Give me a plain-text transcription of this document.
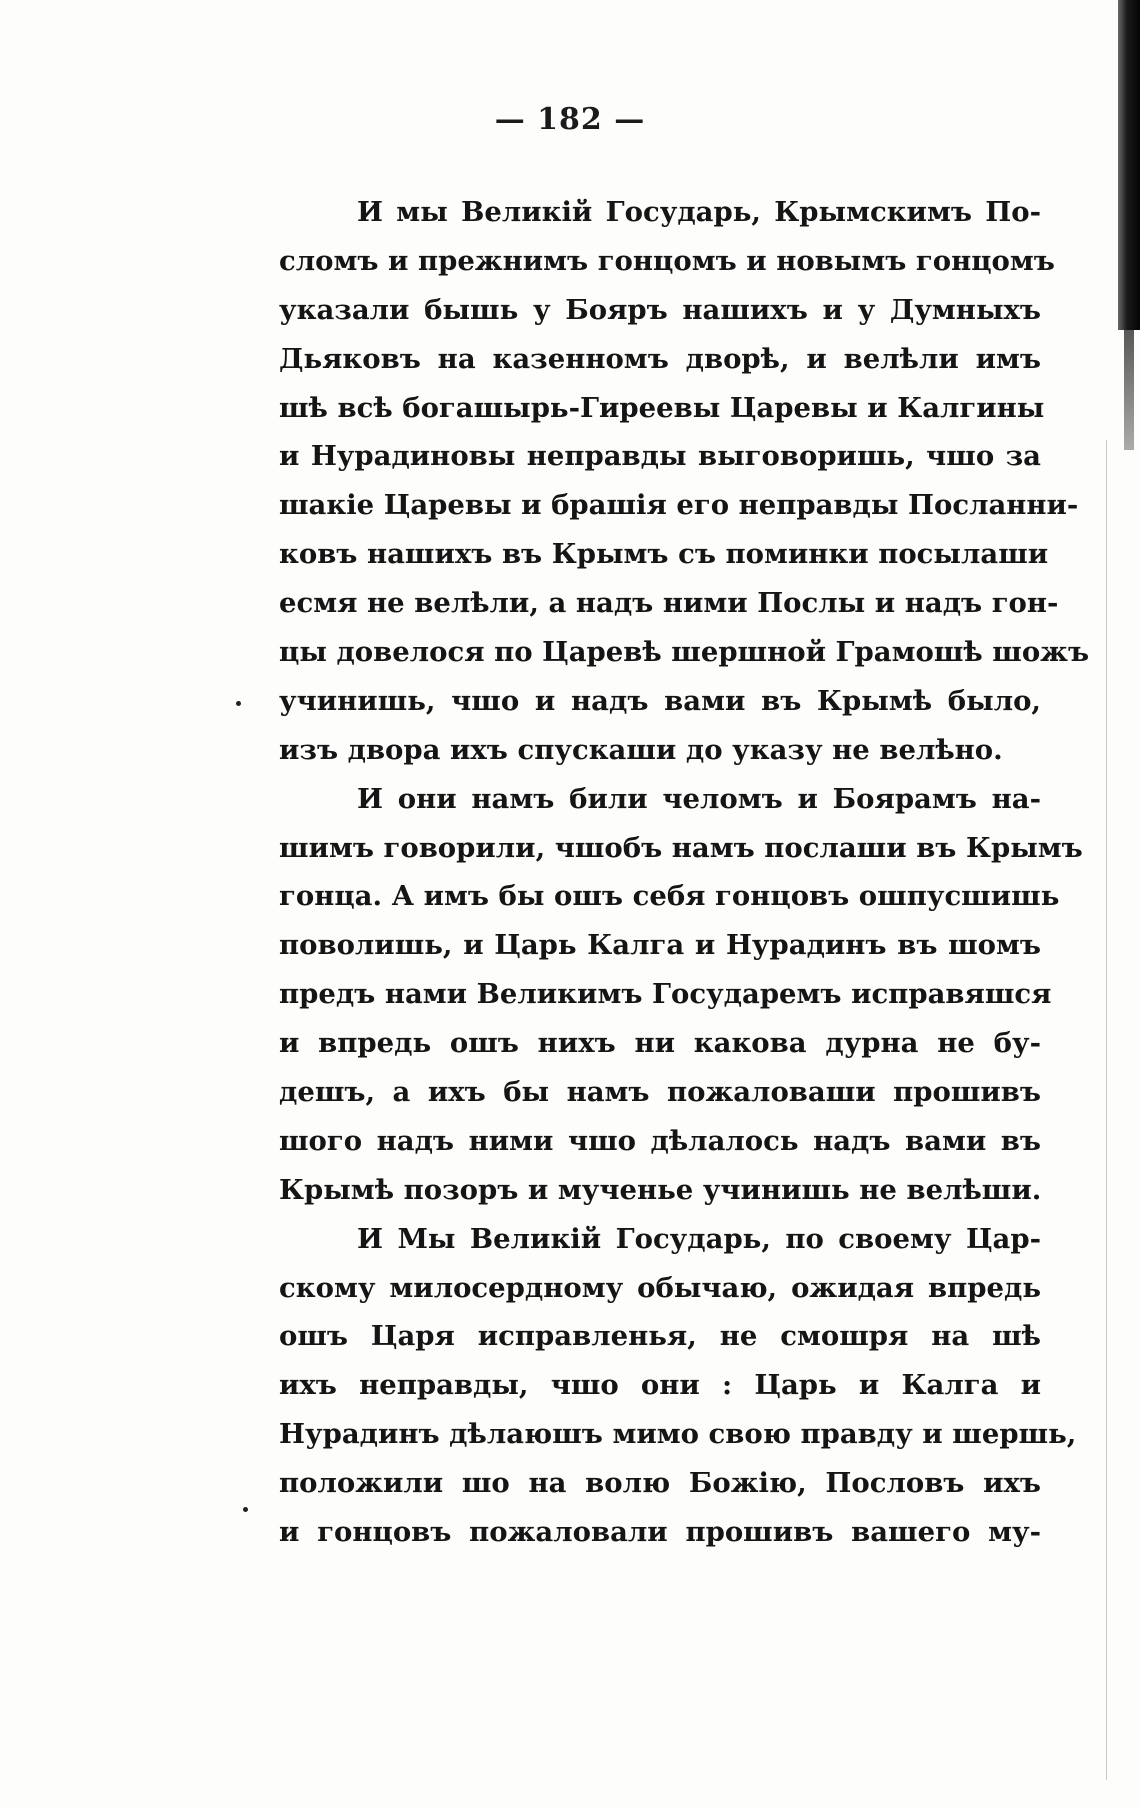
— 182 —
И мы Великій Государь, Крымскимъ По-
сломъ и прежнимъ гонцомъ и новымъ гонцомъ
указали бышь у Бояръ нашихъ и у Думныхъ
Дьяковъ на казенномъ дворѣ, и велѣли имъ
шѣ всѣ богашырь-Гиреевы Царевы и Калгины
и Нурадиновы неправды выговоришь, чшо за
шакіе Царевы и брашія его неправды Посланни-
ковъ нашихъ въ Крымъ съ поминки посылаши
есмя не велѣли, а надъ ними Послы и надъ гон-
цы довелося по Царевѣ шершной Грамошѣ шожъ
учинишь, чшо и надъ вами въ Крымѣ было,
изъ двора ихъ спускаши до указу не велѣно.
И они намъ били челомъ и Боярамъ на-
шимъ говорили, чшобъ намъ послаши въ Крымъ
гонца. А имъ бы ошъ себя гонцовъ ошпусшишь
поволишь, и Царь Калга и Нурадинъ въ шомъ
предъ нами Великимъ Государемъ исправяшся
и впредь ошъ нихъ ни какова дурна не бу-
дешъ, а ихъ бы намъ пожаловаши прошивъ
шого надъ ними чшо дѣлалось надъ вами въ
Крымѣ позоръ и мученье учинишь не велѣши.
И Мы Великій Государь, по своему Цар-
скому милосердному обычаю, ожидая впредь
ошъ Царя исправленья, не смошря на шѣ
ихъ неправды, чшо они : Царь и Калга и
Нурадинъ дѣлаюшъ мимо свою правду и шершь,
положили шо на волю Божію, Пословъ ихъ
и гонцовъ пожаловали прошивъ вашего му-
